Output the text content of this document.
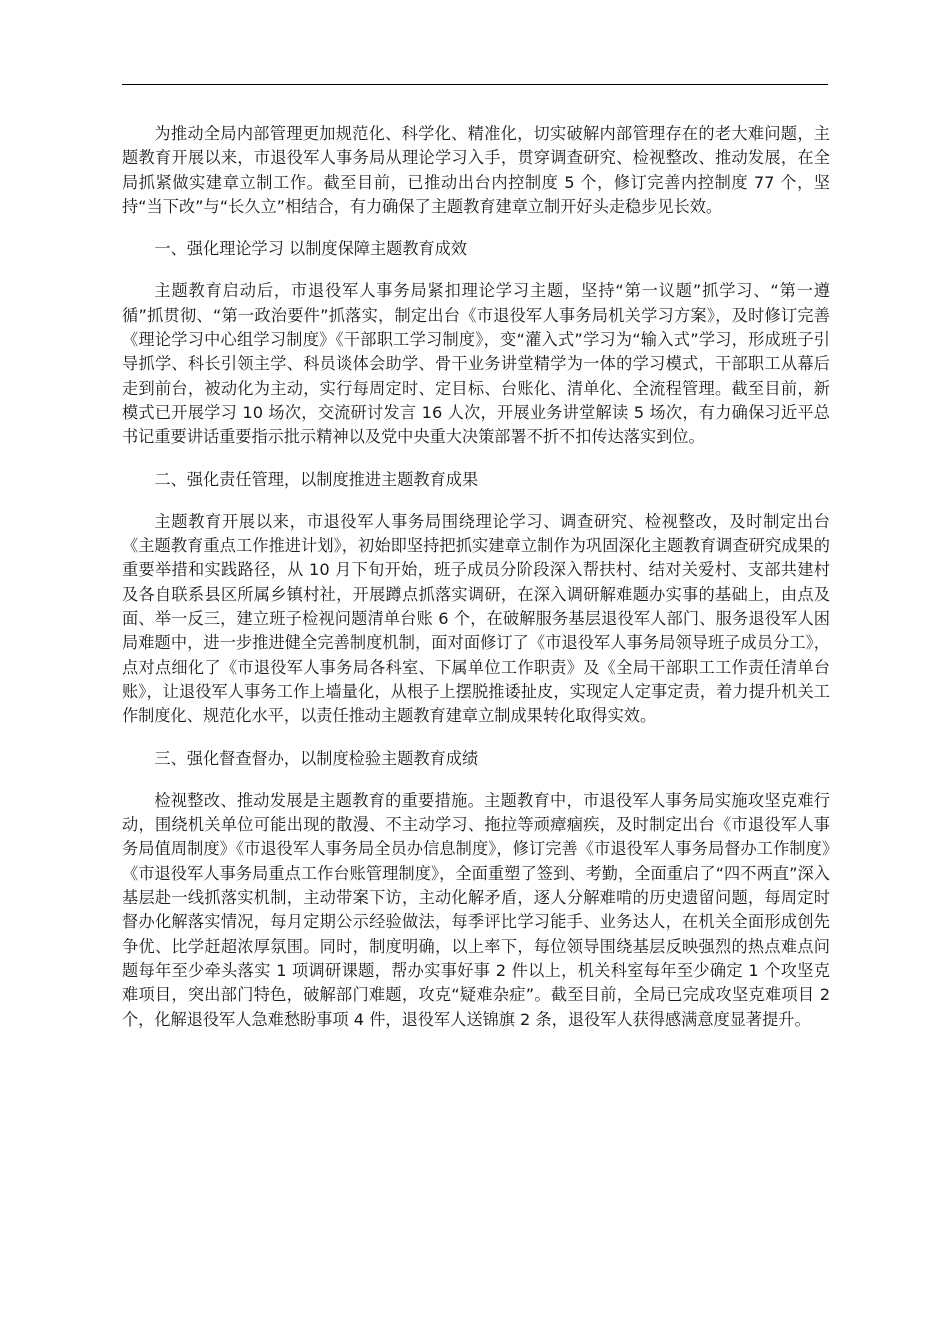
为推动全局内部管理更加规范化、科学化、精准化，切实破解内部管理存在的老大难问题，主题教育开展以来，市退役军人事务局从理论学习入手，贯穿调查研究、检视整改、推动发展，在全局抓紧做实建章立制工作。截至目前，已推动出台内控制度 5 个，修订完善内控制度 77 个，坚持“当下改”与“长久立”相结合，有力确保了主题教育建章立制开好头走稳步见长效。

一、强化理论学习 以制度保障主题教育成效

主题教育启动后，市退役军人事务局紧扣理论学习主题，坚持“第一议题”抓学习、“第一遵循”抓贯彻、“第一政治要件”抓落实，制定出台《市退役军人事务局机关学习方案》，及时修订完善《理论学习中心组学习制度》《干部职工学习制度》，变“灌入式”学习为“输入式”学习，形成班子引导抓学、科长引领主学、科员谈体会助学、骨干业务讲堂精学为一体的学习模式，干部职工从幕后走到前台，被动化为主动，实行每周定时、定目标、台账化、清单化、全流程管理。截至目前，新模式已开展学习 10 场次，交流研讨发言 16 人次，开展业务讲堂解读 5 场次，有力确保习近平总书记重要讲话重要指示批示精神以及党中央重大决策部署不折不扣传达落实到位。

二、强化责任管理，以制度推进主题教育成果

主题教育开展以来，市退役军人事务局围绕理论学习、调查研究、检视整改，及时制定出台《主题教育重点工作推进计划》，初始即坚持把抓实建章立制作为巩固深化主题教育调查研究成果的重要举措和实践路径，从 10 月下旬开始，班子成员分阶段深入帮扶村、结对关爱村、支部共建村及各自联系县区所属乡镇村社，开展蹲点抓落实调研，在深入调研解难题办实事的基础上，由点及面、举一反三，建立班子检视问题清单台账 6 个，在破解服务基层退役军人部门、服务退役军人困局难题中，进一步推进健全完善制度机制，面对面修订了《市退役军人事务局领导班子成员分工》，点对点细化了《市退役军人事务局各科室、下属单位工作职责》及《全局干部职工工作责任清单台账》，让退役军人事务工作上墙量化，从根子上摆脱推诿扯皮，实现定人定事定责，着力提升机关工作制度化、规范化水平，以责任推动主题教育建章立制成果转化取得实效。

三、强化督查督办，以制度检验主题教育成绩

检视整改、推动发展是主题教育的重要措施。主题教育中，市退役军人事务局实施攻坚克难行动，围绕机关单位可能出现的散漫、不主动学习、拖拉等顽瘴痼疾，及时制定出台《市退役军人事务局值周制度》《市退役军人事务局全员办信息制度》，修订完善《市退役军人事务局督办工作制度》《市退役军人事务局重点工作台账管理制度》，全面重塑了签到、考勤，全面重启了“四不两直”深入基层赴一线抓落实机制，主动带案下访，主动化解矛盾，逐人分解难啃的历史遗留问题，每周定时督办化解落实情况，每月定期公示经验做法，每季评比学习能手、业务达人，在机关全面形成创先争优、比学赶超浓厚氛围。同时，制度明确，以上率下，每位领导围绕基层反映强烈的热点难点问题每年至少牵头落实 1 项调研课题，帮办实事好事 2 件以上，机关科室每年至少确定 1 个攻坚克难项目，突出部门特色，破解部门难题，攻克“疑难杂症”。截至目前，全局已完成攻坚克难项目 2 个，化解退役军人急难愁盼事项 4 件，退役军人送锦旗 2 条，退役军人获得感满意度显著提升。
